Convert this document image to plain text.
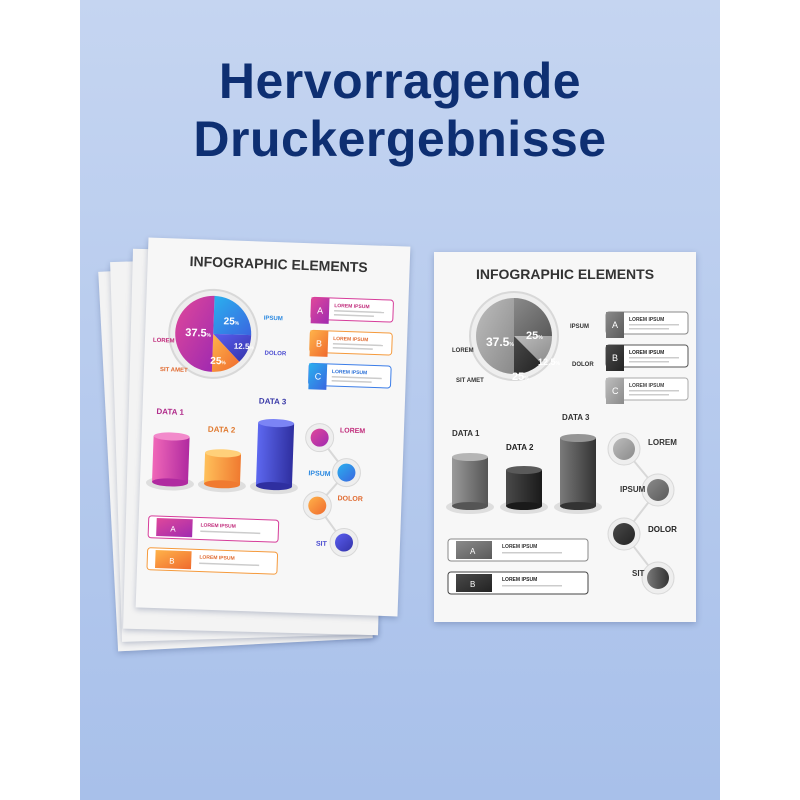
Hervorragende
Druckergebnisse
INFOGRAPHIC ELEMENTS
37.5%
25%
12.5%
25%
LOREM
SIT AMET
IPSUM
DOLOR
A LOREM IPSUM
B LOREM IPSUM
C LOREM IPSUM
DATA 1
DATA 2
DATA 3
LOREM
IPSUM
DOLOR
SIT
A	LOREM IPSUM
B	LOREM IPSUM
INFOGRAPHIC ELEMENTS
37.5%
25%
12.5%
25%
LOREM
SIT AMET
IPSUM
DOLOR
A LOREM IPSUM
B LOREM IPSUM
C LOREM IPSUM
DATA 1
DATA 2
DATA 3
LOREM
IPSUM
DOLOR
SIT
A	LOREM IPSUM
B	LOREM IPSUM
